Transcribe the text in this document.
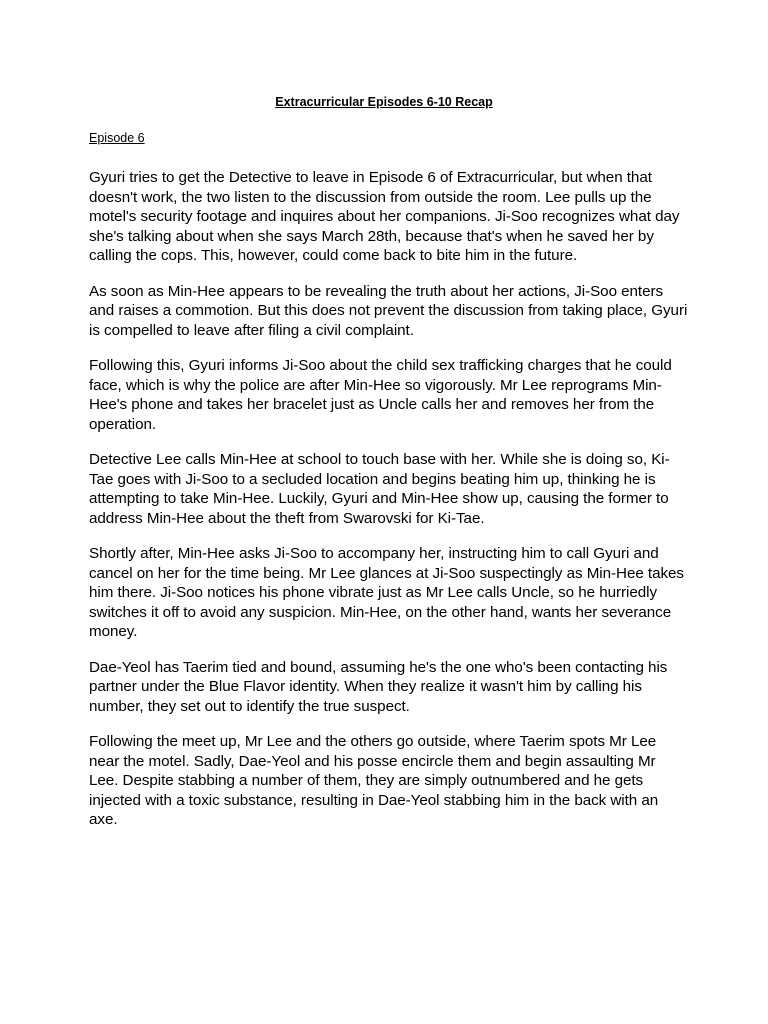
Extracurricular Episodes 6-10 Recap
Episode 6

Gyuri tries to get the Detective to leave in Episode 6 of Extracurricular, but when that doesn't work, the two listen to the discussion from outside the room. Lee pulls up the motel's security footage and inquires about her companions. Ji-Soo recognizes what day she's talking about when she says March 28th, because that's when he saved her by calling the cops. This, however, could come back to bite him in the future.

As soon as Min-Hee appears to be revealing the truth about her actions, Ji-Soo enters and raises a commotion. But this does not prevent the discussion from taking place, Gyuri is compelled to leave after filing a civil complaint.

Following this, Gyuri informs Ji-Soo about the child sex trafficking charges that he could face, which is why the police are after Min-Hee so vigorously. Mr Lee reprograms Min- Hee's phone and takes her bracelet just as Uncle calls her and removes her from the operation.

Detective Lee calls Min-Hee at school to touch base with her. While she is doing so, Ki-Tae goes with Ji-Soo to a secluded location and begins beating him up, thinking he is attempting to take Min-Hee. Luckily, Gyuri and Min-Hee show up, causing the former to address Min-Hee about the theft from Swarovski for Ki-Tae.

Shortly after, Min-Hee asks Ji-Soo to accompany her, instructing him to call Gyuri and cancel on her for the time being. Mr Lee glances at Ji-Soo suspectingly as Min-Hee takes him there. Ji-Soo notices his phone vibrate just as Mr Lee calls Uncle, so he hurriedly switches it off to avoid any suspicion. Min-Hee, on the other hand, wants her severance money.

Dae-Yeol has Taerim tied and bound, assuming he's the one who's been contacting his partner under the Blue Flavor identity. When they realize it wasn't him by calling his number, they set out to identify the true suspect.

Following the meet up, Mr Lee and the others go outside, where Taerim spots Mr Lee near the motel. Sadly, Dae-Yeol and his posse encircle them and begin assaulting Mr Lee. Despite stabbing a number of them, they are simply outnumbered and he gets injected with a toxic substance, resulting in Dae-Yeol stabbing him in the back with an axe.
